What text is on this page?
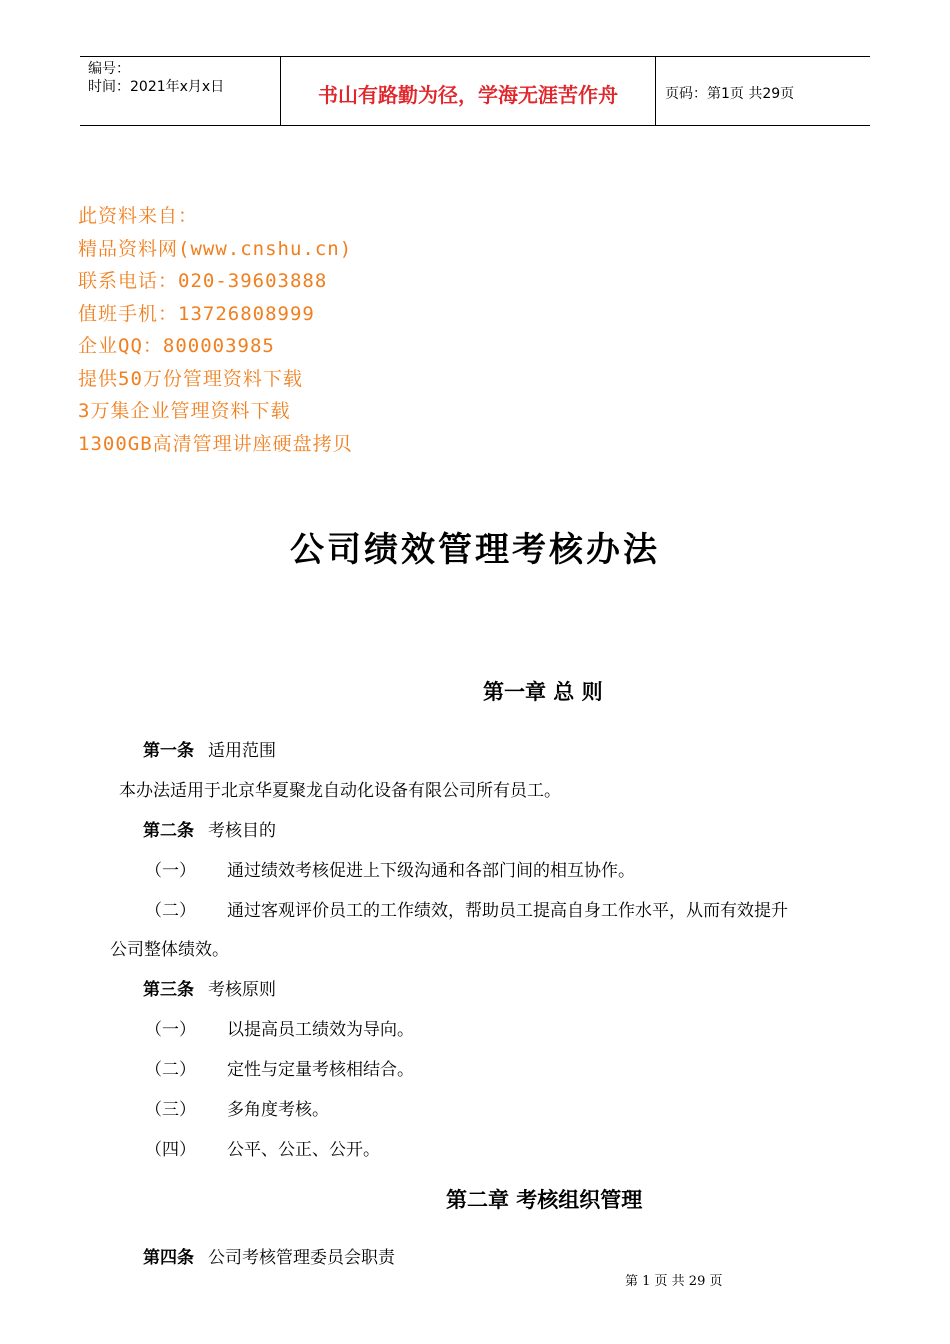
编号：
时间：2021年x月x日	书山有路勤为径，学海无涯苦作舟	页码：第1页 共29页
此资料来自：
精品资料网(www.cnshu.cn)
联系电话：020-39603888
值班手机：13726808999
企业QQ：800003985
提供50万份管理资料下载
3万集企业管理资料下载
1300GB高清管理讲座硬盘拷贝
公司绩效管理考核办法
第一章 总 则
第一条 适用范围
本办法适用于北京华夏聚龙自动化设备有限公司所有员工。
第二条 考核目的
（一） 通过绩效考核促进上下级沟通和各部门间的相互协作。
（二） 通过客观评价员工的工作绩效，帮助员工提高自身工作水平，从而有效提升
公司整体绩效。
第三条 考核原则
（一） 以提高员工绩效为导向。
（二） 定性与定量考核相结合。
（三） 多角度考核。
（四） 公平、公正、公开。
第二章 考核组织管理
第四条 公司考核管理委员会职责
第 1 页 共 29 页
